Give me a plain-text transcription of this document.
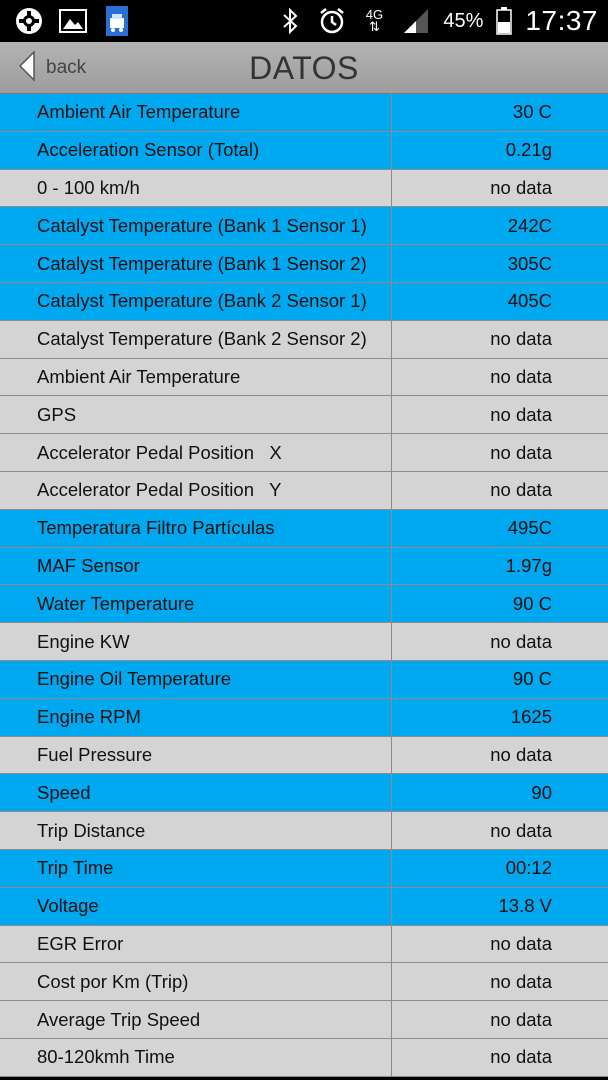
4G
⇅	45% 17:37
back	DATOS
Ambient Air Temperature	30 C
Acceleration Sensor (Total)	0.21g
0 - 100 km/h	no data
Catalyst Temperature (Bank 1 Sensor 1)	242C
Catalyst Temperature (Bank 1 Sensor 2)	305C
Catalyst Temperature (Bank 2 Sensor 1)	405C
Catalyst Temperature (Bank 2 Sensor 2)	no data
Ambient Air Temperature	no data
GPS	no data
Accelerator Pedal Position   X	no data
Accelerator Pedal Position   Y	no data
Temperatura Filtro Partículas	495C
MAF Sensor	1.97g
Water Temperature	90 C
Engine KW	no data
Engine Oil Temperature	90 C
Engine RPM	1625
Fuel Pressure	no data
Speed	90
Trip Distance	no data
Trip Time	00:12
Voltage	13.8 V
EGR Error	no data
Cost por Km (Trip)	no data
Average Trip Speed	no data
80-120kmh Time	no data
